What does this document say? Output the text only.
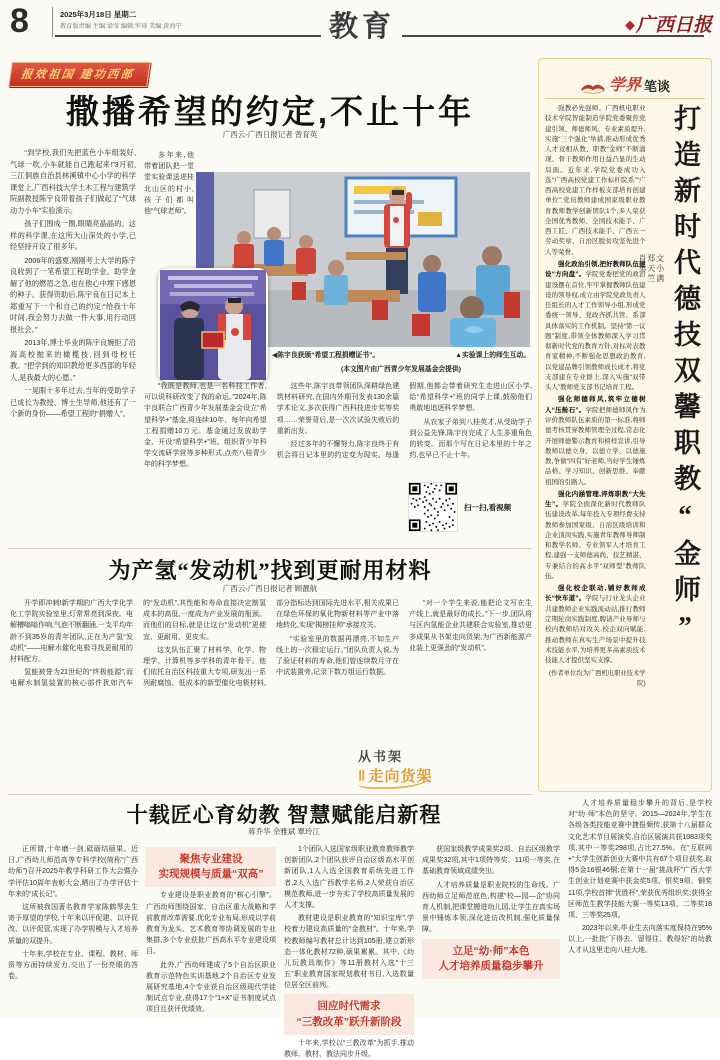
8	2025年3月18日 星期二
教育版责编 主编:梁莹 编辑:罗琦 美编:黄海宁	教育	◆广西日报
报效祖国 建功西部
撒播希望的约定,不止十年
广西云-广西日报记者 曾育英

“到学校,我们先把蓝色小车组装好,气球一吹,小车就能自己跑起来!”3月初,三江侗族自治县林溪镇中心小学的科学课堂上,广西科技大学土木工程与建筑学院副教授陈宇良带着孩子们做起了“气球动力小车”实验演示。

孩子们围成一圈,眼睛亮晶晶的。这样的科学课,在这所大山深处的小学,已经坚持开设了很多年。

2006年的盛夏,刚刚考上大学的陈宇良收到了一笔希望工程助学金。助学金解了他的燃眉之急,也在他心中埋下感恩的种子。获得资助后,陈宇良在日记本上郑重写下一个和自己的约定:“给我十年时间,我会努力去做一件大事,用行动回报社会。”

2013年,博士毕业的陈宇良婉拒了沿海高校抛来的橄榄枝,回到母校任教。“把学到的知识教给更多西部的年轻人,是我最大的心愿。”

一晃眼十多年过去,当年的受助学子已成长为教授、博士生导师,他还有了一个新的身份——希望工程的“捐赠人”。

多年来,他带着团队把一堂堂实验课送进桂北山区的村小,孩子们都叫他“气球老师”。

◀陈宇良获颁“希望工程捐赠证书”。	▲实验课上的师生互动。
(本文图片由广西青少年发展基金会提供)

“我既是教师,也是一名科技工作者,可以说科研改变了我的命运。”2024年,陈宇良联合广西青少年发展基金会设立“希望科学+”基金,将连续10年、每年向希望工程捐赠10万元。基金通过发放助学金、开设“希望科学+”班、组织青少年科学交流研学营等多种形式,点亮八桂青少年的科学梦想。

这些年,陈宇良带领团队深耕绿色建筑材料研究,在国内外期刊发表130余篇学术论文,多次获得广西科技进步奖等奖项……荣誉背后,是一次次试验失败后的重新出发。

经过多年的不懈努力,陈宇良终于有机会将日记本里的约定变为现实。每逢假期,他都会带着研究生走进山区小学,给“希望科学+”班的同学上课,鼓励他们勇敢地追逐科学梦想。

从农家子弟到八桂英才,从受助学子到公益先锋,陈宇良完成了人生多重角色的转变。而那个写在日记本里的十年之约,也早已不止十年。

扫一扫,看视频
为产氢“发动机”找到更耐用材料
广西云-广西日报记者 顾靓航

开学即冲刺!新学期的广西大学化学化工学院实验室里,灯常常亮到深夜。电解槽嗡嗡作响,气泡不断翻涌,一支平均年龄不到35岁的青年团队,正在为产氢“发动机”——电解水催化电极寻找更耐用的材料配方。

氢能被誉为21世纪的“终极能源”,而电解水制氢装置的核心部件犹如汽车的“发动机”,其性能和寿命直接决定制氢成本的高低,一度成为产业发展的瓶颈。而他们的目标,就是让这台“发动机”更便宜、更耐用、更皮实。

这支队伍汇聚了材料学、化学、物理学、计算机等多学科的青年骨干。他们依托自治区科技重大专项,研发出一系列耐腐蚀、低成本的新型催化电极材料,部分指标达到国际先进水平,相关成果已在绿色环保的氧化物新材料等产业中落地转化,实现“揭榜挂帅”承接攻关。

“实验室里的数据再漂亮,不如生产线上的一次稳定运行。”团队负责人说,为了验证材料的寿命,他们曾连续数月守在中试装置旁,记录下数万组运行数据。

“对一个学生来说,能把论文写在生产线上,就是最好的成长。”下一步,团队将与区内氢能企业共建联合实验室,推动更多成果从书架走向货架,为广西新能源产业装上更强劲的“发动机”。

从书架
‖ 走向货架
学界 笔谈

强教必先强师。广西机电职业技术学院智能制造学院党委聚焦党建引领、师德师风、专业素质提升,实施“三个强化”举措,推动形成优秀人才竞相从教、职教“金师”不断涌现、骨干教师作用日益凸显的生动局面。近年来,学院党委成功入选“广西高校党建工作标杆院系”“广西高校党建工作样板支部培育创建单位”;党员教师建成国家级职业教育教师教学创新团队1个,多人荣获全国优秀教师、全国技术能手、广西工匠、广西技术能手、广西五一劳动奖章、自治区脱贫攻坚先进个人等荣誉。

强化政治引领,把好教师队伍建设“方向盘”。学院党委把党的政治建设摆在首位,牢牢掌握教师队伍建设的领导权,成立由学院党政负责人任组长的人才工作领导小组,形成党委统一领导、党政齐抓共管、系部具体落实的工作机制。坚持“第一议题”制度,带领全体教师深入学习贯彻新时代党的教育方针,对标对表教育家精神,不断强化思想政治教育,以党建品牌引领教师成长成才,将党支部建在专业群上,深入实施“双带头人”教师党支部书记培育工程。

强化师德师风,筑牢立德树人“压舱石”。学院把师德师风作为评价教师队伍素质的第一标准,将师德考核贯穿教师管理全过程,常态化开展师德警示教育和榜样宣讲,引导教师以德立身、以德立学、以德施教,争做“四有”好老师,当好学生锤炼品格、学习知识、创新思维、奉献祖国的引路人。

强化内涵管理,淬炼职教“大先生”。学院全面深化新时代教师队伍建设改革,每年投入专项经费支持教师参加国家级、自治区级培训和企业顶岗实践,实施青年教师导师制和教学名师、专业领军人才培育工程,建强一支师德高尚、技艺精湛、专兼结合的高水平“双师型”教师队伍。

强化校企联动,铺好教师成长“快车道”。学院与行业龙头企业共建教师企业实践流动站,推行教师定期轮岗实践制度,聘请产业导师与校内教师结对攻关,校企双向赋能,推动教师在真实生产场景中提升技术技能水平,为培养更多高素质技术技能人才提供坚实支撑。

(作者单位均为广西机电职业技术学院)

文小满
郑天竺
肖勇 打造新时代德技双馨职教“金师”
十载匠心育幼教 智慧赋能启新程
蒋乔华 余雅斌 覃玲江

正所谓,十年磨一剑,砥砺结硕果。近日,广西幼儿师范高等专科学校(简称“广西幼师”)召开2025年教学科研工作大会暨办学评估10周年表彰大会,晒出了办学评估十年来的“成长记”。

这所被我国著名教育学家陈鹤琴先生寄予厚望的学校,十年来以评促建、以评促改、以评促管,实现了办学规模与人才培养质量的双提升。

十年来,学校在专业、课程、教材、师资等方面持续发力,交出了一份亮眼的答卷。

聚焦专业建设
实现规模与质量“双高”

专业建设是职业教育的“核心引擎”。广西幼师围绕国家、自治区重大战略和学前教育改革需要,优化专业布局,形成以学前教育为龙头、艺术教育等协调发展的专业集群,多个专业获批广西高水平专业建设项目。

此外,广西幼师建成了5个自治区职业教育示范特色实训基地,2个自治区专业发展研究基地,4个专业获自治区级现代学徒制试点专业,获得17个“1+X”证书制度试点项目且获评优绩效。

1个团队入选国家级职业教育教师教学创新团队,2个团队获评自治区级高水平创新团队,1人入选全国教育系统先进工作者,2人入选广西教学名师,2人荣获自治区模范教师,进一步夯实了学校高质量发展的人才支撑。

教材建设是职业教育的“知识宝库”,学校着力建设高质量的“金教材”。十年来,学校教师编写教材总计达到105册,建立新形态一体化教材72种,硕果累累。其中,《幼儿玩教具制作》等11册教材入选“十三五”职业教育国家规划教材书目,入选数量位居全区前列。

回应时代需求
“三教改革”跃升新阶段

十年来,学校以“三教改革”为抓手,推动教师、教材、教法同步升级。

获国家级教学成果奖2项、自治区级教学成果奖32项,其中1项特等奖、11项一等奖,在基础教育领域成绩突出。

人才培养质量是职业院校的生命线。广西幼师立足师范底色,构建“校—园—企”协同育人机制,把课堂搬进幼儿园,让学生在真实场景中锤炼本领,深化进访改机制,强化质量保障。

立足“幼·师”本色
人才培养质量稳步攀升

人才培养质量稳步攀升的背后,是学校对“幼·师”本色的坚守。2015—2024年,学生在各级各类技能竞赛中捷报频传,获第十八届群众文化艺术节目展演奖,自治区展演共获1083项奖项,其中一等奖298项,占比27.5%。在“互联网+”大学生创新创业大赛中共有67个项目获奖,取得5金16银46铜;在第十一届“挑战杯”广西大学生创业计划竞赛中获金奖5项、银奖9项、铜奖11项,学校首捧“优胜杯”,荣获优秀组织奖;获得全区师范生教学技能大赛一等奖13项、二等奖18项、三等奖25项。

2023年以来,毕业生去向落实度保持在95%以上,一批批“下得去、留得住、教得好”的幼教人才从这里走向八桂大地。
